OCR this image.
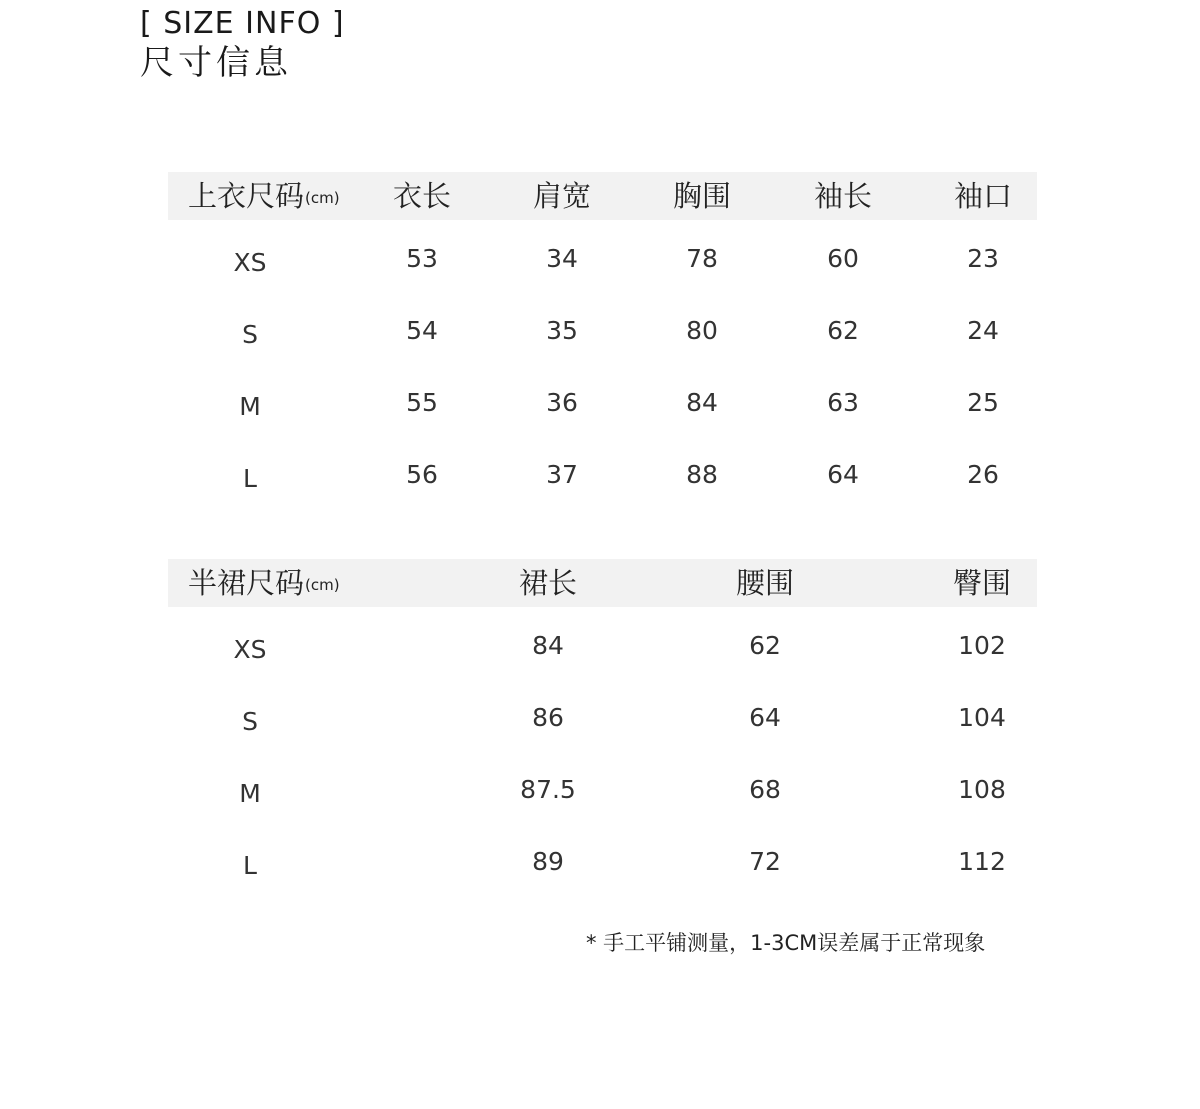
[ SIZE INFO ]
尺寸信息
上衣尺码(cm) 衣长	肩宽	胸围	袖长	袖口
XS	53	34	78	60	23
S	54	35	80	62	24
M	55	36	84	63	25
L	56	37	88	64	26
半裙尺码(cm)	裙长	腰围	臀围
XS	84	62	102
S	86	64	104
M	87.5	68	108
L	89	72	112
* 手工平铺测量，1-3CM误差属于正常现象
